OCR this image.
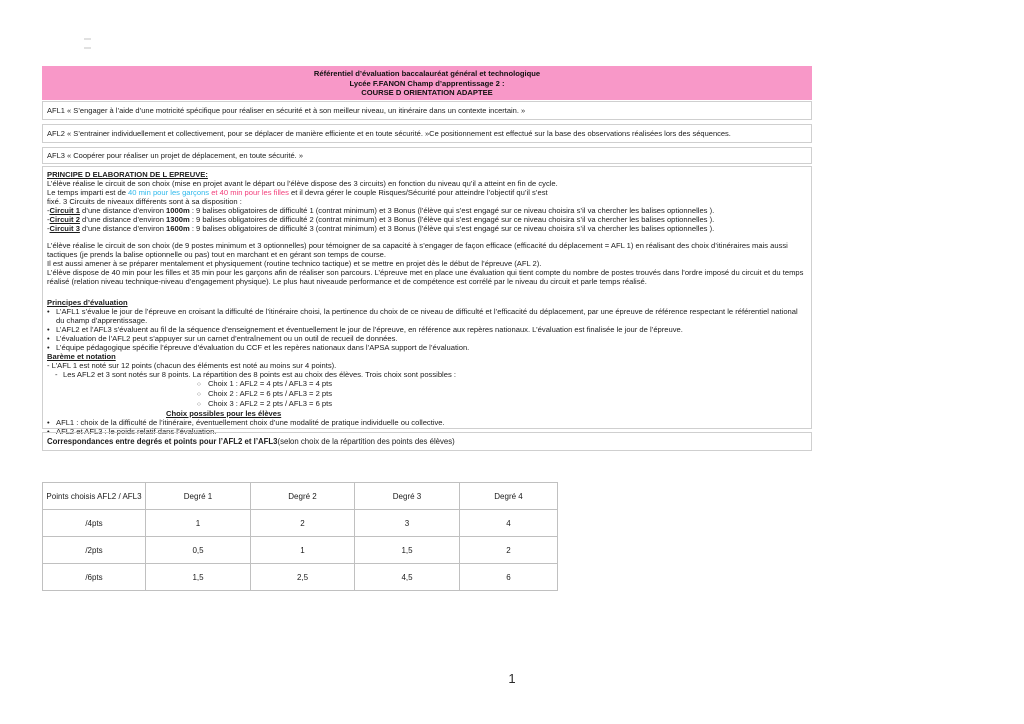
Référentiel d’évaluation baccalauréat général et technologique
Lycée F.FANON Champ d’apprentissage 2 :
COURSE D ORIENTATION ADAPTEE
AFL1 « S’engager à l’aide d’une motricité spécifique pour réaliser en sécurité et à son meilleur niveau, un itinéraire dans un contexte incertain. »
AFL2 « S’entrainer individuellement et collectivement, pour se déplacer de manière efficiente et en toute sécurité. »Ce positionnement est effectué sur la base des observations réalisées lors des séquences.
AFL3 « Coopérer pour réaliser un projet de déplacement, en toute sécurité. »
PRINCIPE D ELABORATION DE L EPREUVE:
L’élève réalise le circuit de son choix (mise en projet avant le départ ou l’élève dispose des 3 circuits) en fonction du niveau qu’il a atteint en fin de cycle.
Le temps imparti est de 40 min pour les garçons et 40 min pour les filles et il devra gérer le couple Risques/Sécurité pour atteindre l’objectif qu’il s’est
fixé. 3 Circuits de niveaux différents sont à sa disposition :
-Circuit 1 d’une distance d’environ 1000m : 9 balises obligatoires de difficulté 1 (contrat minimum) et 3 Bonus (l’élève qui s’est engagé sur ce niveau choisira s’il va chercher les balises optionnelles ).
-Circuit 2 d’une distance d’environ 1300m : 9 balises obligatoires de difficulté 2 (contrat minimum) et 3 Bonus (l’élève qui s’est engagé sur ce niveau choisira s’il va chercher les balises optionnelles ).
-Circuit 3 d’une distance d’environ 1600m : 9 balises obligatoires de difficulté 3 (contrat minimum) et 3 Bonus (l’élève qui s’est engagé sur ce niveau choisira s’il va chercher les balises optionnelles ).
L’élève réalise le circuit de son choix (de 9 postes minimum et 3 optionnelles) pour témoigner de sa capacité à s’engager de façon efficace (efficacité du déplacement = AFL 1) en réalisant des choix d’itinéraires mais aussi tactiques (je prends la balise optionnelle ou pas) tout en marchant et en gérant son temps de course.
Il est aussi amener à se préparer mentalement et physiquement (routine technico tactique) et se mettre en projet dès le début de l’épreuve (AFL 2).
L’élève dispose de 40 min pour les filles et 35 min pour les garçons afin de réaliser son parcours. L’épreuve met en place une évaluation qui tient compte du nombre de postes trouvés dans l’ordre imposé du circuit et du temps réalisé (relation niveau technique-niveau d’engagement physique). Le plus haut niveaude performance et de compétence est corrélé par le niveau du circuit et parle temps réalisé.
Principes d’évaluation
• L’AFL1 s’évalue le jour de l’épreuve en croisant la difficulté de l’itinéraire choisi, la pertinence du choix de ce niveau de difficulté et l’efficacité du déplacement, par une épreuve de référence respectant le référentiel national du champ d’apprentissage.
• L’AFL2 et l’AFL3 s’évaluent au fil de la séquence d’enseignement et éventuellement le jour de l’épreuve, en référence aux repères nationaux. L’évaluation est finalisée le jour de l’épreuve.
• L’évaluation de l’AFL2 peut s’appuyer sur un carnet d’entraînement ou un outil de recueil de données.
• L’équipe pédagogique spécifie l’épreuve d’évaluation du CCF et les repères nationaux dans l’APSA support de l’évaluation.
Barème et notation
- L’AFL 1 est noté sur 12 points (chacun des éléments est noté au moins sur 4 points).
- Les AFL2 et 3 sont notés sur 8 points. La répartition des 8 points est au choix des élèves. Trois choix sont possibles :
○ Choix 1 : AFL2 = 4 pts / AFL3 = 4 pts
○ Choix 2 : AFL2 = 6 pts / AFL3 = 2 pts
○ Choix 3 : AFL2 = 2 pts / AFL3 = 6 pts
Choix possibles pour les élèves
• AFL1 : choix de la difficulté de l’itinéraire, éventuellement choix d’une modalité de pratique individuelle ou collective.
• AFL2 et AFL3 : le poids relatif dans l’évaluation.
Correspondances entre degrés et points pour l’AFL2 et l’AFL3 (selon choix de la répartition des points des élèves)
Points choisis AFL2 / AFL3	Degré 1	Degré 2	Degré 3	Degré 4
/4pts	1	2	3	4
/2pts	0,5	1	1,5	2
/6pts	1,5	2,5	4,5	6
1
